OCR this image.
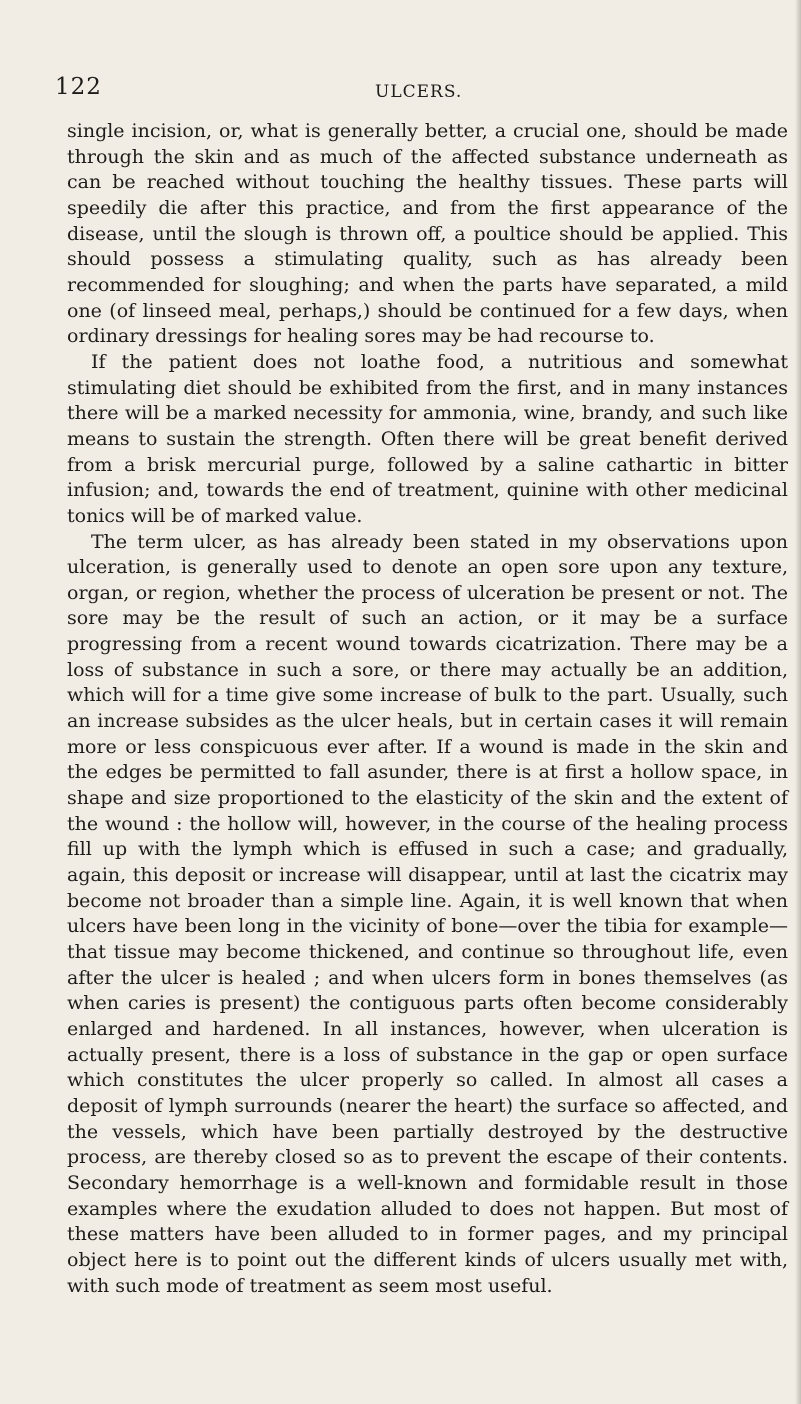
122	ULCERS.

single incision, or, what is generally better, a crucial one, should be made through the skin and as much of the affected substance underneath as can be reached without touching the healthy tissues. These parts will speedily die after this practice, and from the first appearance of the disease, until the slough is thrown off, a poultice should be applied. This should possess a stimulating quality, such as has already been recommended for sloughing; and when the parts have separated, a mild one (of linseed meal, perhaps,) should be continued for a few days, when ordinary dressings for healing sores may be had recourse to.

If the patient does not loathe food, a nutritious and somewhat stimulating diet should be exhibited from the first, and in many instances there will be a marked necessity for ammonia, wine, brandy, and such like means to sustain the strength. Often there will be great benefit derived from a brisk mercurial purge, followed by a saline cathartic in bitter infusion; and, towards the end of treatment, quinine with other medicinal tonics will be of marked value.

The term ulcer, as has already been stated in my observations upon ulceration, is generally used to denote an open sore upon any texture, organ, or region, whether the process of ulceration be present or not. The sore may be the result of such an action, or it may be a surface progressing from a recent wound towards cicatrization. There may be a loss of substance in such a sore, or there may actually be an addition, which will for a time give some increase of bulk to the part. Usually, such an increase subsides as the ulcer heals, but in certain cases it will remain more or less conspicuous ever after. If a wound is made in the skin and the edges be permitted to fall asunder, there is at first a hollow space, in shape and size proportioned to the elasticity of the skin and the extent of the wound : the hollow will, however, in the course of the healing process fill up with the lymph which is effused in such a case; and gradually, again, this deposit or increase will disappear, until at last the cicatrix may become not broader than a simple line. Again, it is well known that when ulcers have been long in the vicinity of bone—over the tibia for example—that tissue may become thickened, and continue so throughout life, even after the ulcer is healed ; and when ulcers form in bones themselves (as when caries is present) the contiguous parts often become considerably enlarged and hardened. In all instances, however, when ulceration is actually present, there is a loss of substance in the gap or open surface which constitutes the ulcer properly so called. In almost all cases a deposit of lymph surrounds (nearer the heart) the surface so affected, and the vessels, which have been partially destroyed by the destructive process, are thereby closed so as to prevent the escape of their contents. Secondary hemorrhage is a well-known and formidable result in those examples where the exudation alluded to does not happen. But most of these matters have been alluded to in former pages, and my principal object here is to point out the different kinds of ulcers usually met with, with such mode of treatment as seem most useful.
